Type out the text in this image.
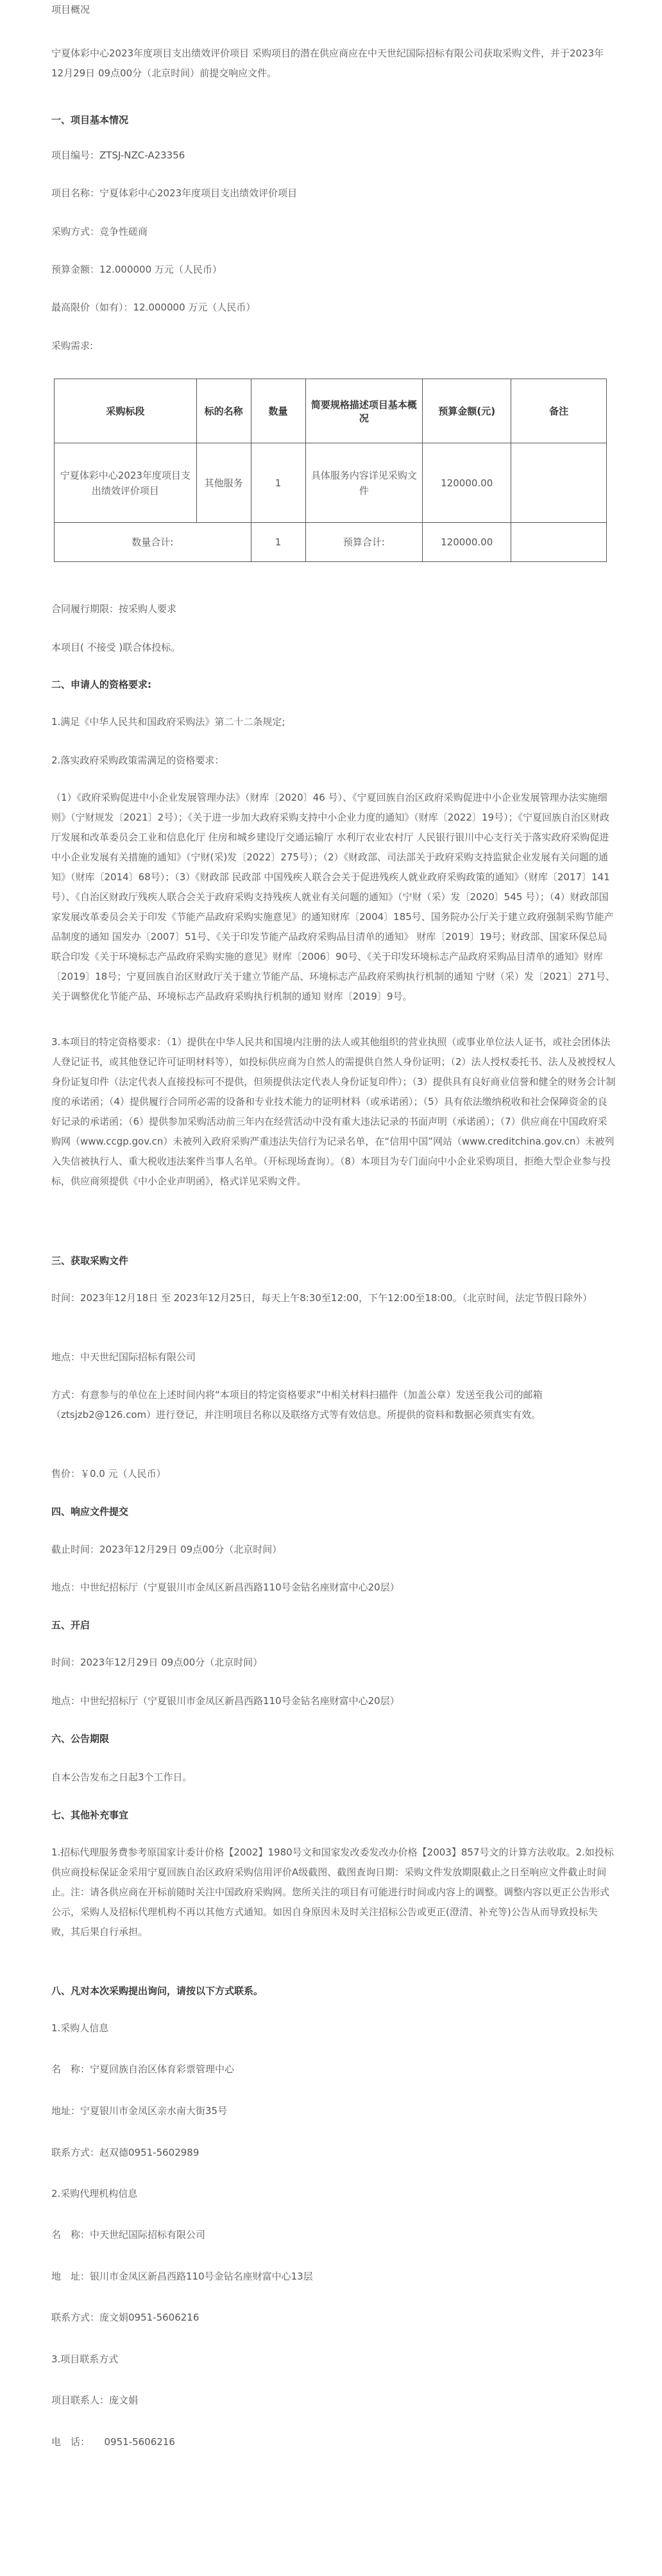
项目概况

宁夏体彩中心2023年度项目支出绩效评价项目 采购项目的潜在供应商应在中天世纪国际招标有限公司获取采购文件，并于2023年12月29日 09点00分（北京时间）前提交响应文件。

一、项目基本情况

项目编号：ZTSJ-NZC-A23356

项目名称：宁夏体彩中心2023年度项目支出绩效评价项目

采购方式：竞争性磋商

预算金额：12.000000 万元（人民币）

最高限价（如有）：12.000000 万元（人民币）

采购需求:

采购标段	标的名称	数量	简要规格描述项目基本概况	预算金额(元)	备注
宁夏体彩中心2023年度项目支出绩效评价项目	其他服务	1	具体服务内容详见采购文件	120000.00	
数量合计:		1	预算合计:	120000.00	

合同履行期限：按采购人要求

本项目( 不接受 )联合体投标。

二、申请人的资格要求:

1.满足《中华人民共和国政府采购法》第二十二条规定;

2.落实政府采购政策需满足的资格要求：

（1）《政府采购促进中小企业发展管理办法》（财库〔2020〕46 号）、《宁夏回族自治区政府采购促进中小企业发展管理办法实施细则》（宁财规发〔2021〕2号）；《关于进一步加大政府采购支持中小企业力度的通知》（财库〔2022〕19号）；《宁夏回族自治区财政厅发展和改革委员会工业和信息化厅 住房和城乡建设厅交通运输厅 水利厅农业农村厅 人民银行银川中心支行关于落实政府采购促进中小企业发展有关措施的通知》（宁财(采)发〔2022〕275号）；（2）《财政部、司法部关于政府采购支持监狱企业发展有关问题的通知》（财库〔2014〕68号）；（3）《财政部 民政部 中国残疾人联合会关于促进残疾人就业政府采购政策的通知》（财库〔2017〕141 号）、《自治区财政厅残疾人联合会关于政府采购支持残疾人就业有关问题的通知》（宁财（采）发〔2020〕545 号）；（4）财政部国家发展改革委员会关于印发《节能产品政府采购实施意见》的通知财库〔2004〕185号、国务院办公厅关于建立政府强制采购节能产品制度的通知 国发办〔2007〕51号、《关于印发节能产品政府采购品目清单的通知》 财库〔2019〕19号；财政部、国家环保总局联合印发《关于环境标志产品政府采购实施的意见》财库〔2006〕90号、《关于印发环境标志产品政府采购品目清单的通知》财库〔2019〕18号；宁夏回族自治区财政厅关于建立节能产品、环境标志产品政府采购执行机制的通知 宁财（采）发〔2021〕271号、关于调整优化节能产品、环境标志产品政府采购执行机制的通知 财库〔2019〕9号。

3.本项目的特定资格要求：（1）提供在中华人民共和国境内注册的法人或其他组织的营业执照（或事业单位法人证书，或社会团体法人登记证书，或其他登记许可证明材料等），如投标供应商为自然人的需提供自然人身份证明；（2）法人授权委托书、法人及被授权人身份证复印件（法定代表人直接投标可不提供，但须提供法定代表人身份证复印件）；（3）提供具有良好商业信誉和健全的财务会计制度的承诺函；（4）提供履行合同所必需的设备和专业技术能力的证明材料（或承诺函）；（5）具有依法缴纳税收和社会保障资金的良好记录的承诺函；（6）提供参加采购活动前三年内在经营活动中没有重大违法记录的书面声明（承诺函）；（7）供应商在中国政府采购网（www.ccgp.gov.cn）未被列入政府采购严重违法失信行为记录名单，在“信用中国”网站（www.creditchina.gov.cn）未被列入失信被执行人、重大税收违法案件当事人名单。（开标现场查询）。（8）本项目为专门面向中小企业采购项目，拒绝大型企业参与投标，供应商须提供《中小企业声明函》，格式详见采购文件。

三、获取采购文件

时间：2023年12月18日 至 2023年12月25日，每天上午8:30至12:00，下午12:00至18:00。（北京时间，法定节假日除外）

地点：中天世纪国际招标有限公司

方式：有意参与的单位在上述时间内将“本项目的特定资格要求”中相关材料扫描件（加盖公章）发送至我公司的邮箱（ztsjzb2@126.com）进行登记，并注明项目名称以及联络方式等有效信息。所提供的资料和数据必须真实有效。

售价：￥0.0 元（人民币）

四、响应文件提交

截止时间：2023年12月29日 09点00分（北京时间）

地点：中世纪招标厅（宁夏银川市金凤区新昌西路110号金钻名座财富中心20层）

五、开启

时间：2023年12月29日 09点00分（北京时间）

地点：中世纪招标厅（宁夏银川市金凤区新昌西路110号金钻名座财富中心20层）

六、公告期限

自本公告发布之日起3个工作日。

七、其他补充事宜

1.招标代理服务费参考原国家计委计价格【2002】1980号文和国家发改委发改办价格【2003】857号文的计算方法收取。2.如投标供应商投标保证金采用宁夏回族自治区政府采购信用评价A级截图、截图查询日期：采购文件发放期限截止之日至响应文件截止时间止。注：请各供应商在开标前随时关注中国政府采购网。您所关注的项目有可能进行时间或内容上的调整。调整内容以更正公告形式公示，采购人及招标代理机构不再以其他方式通知。如因自身原因未及时关注招标公告或更正(澄清、补充等)公告从而导致投标失败，其后果自行承担。

八、凡对本次采购提出询问，请按以下方式联系。

1.采购人信息

名　称：宁夏回族自治区体育彩票管理中心

地址：宁夏银川市金凤区亲水南大街35号

联系方式：赵双德0951-5602989

2.采购代理机构信息

名　称：中天世纪国际招标有限公司

地　址：银川市金凤区新昌西路110号金钻名座财富中心13层

联系方式：庞文娟0951-5606216

3.项目联系方式

项目联系人：庞文娟

电　话：　　0951-5606216
